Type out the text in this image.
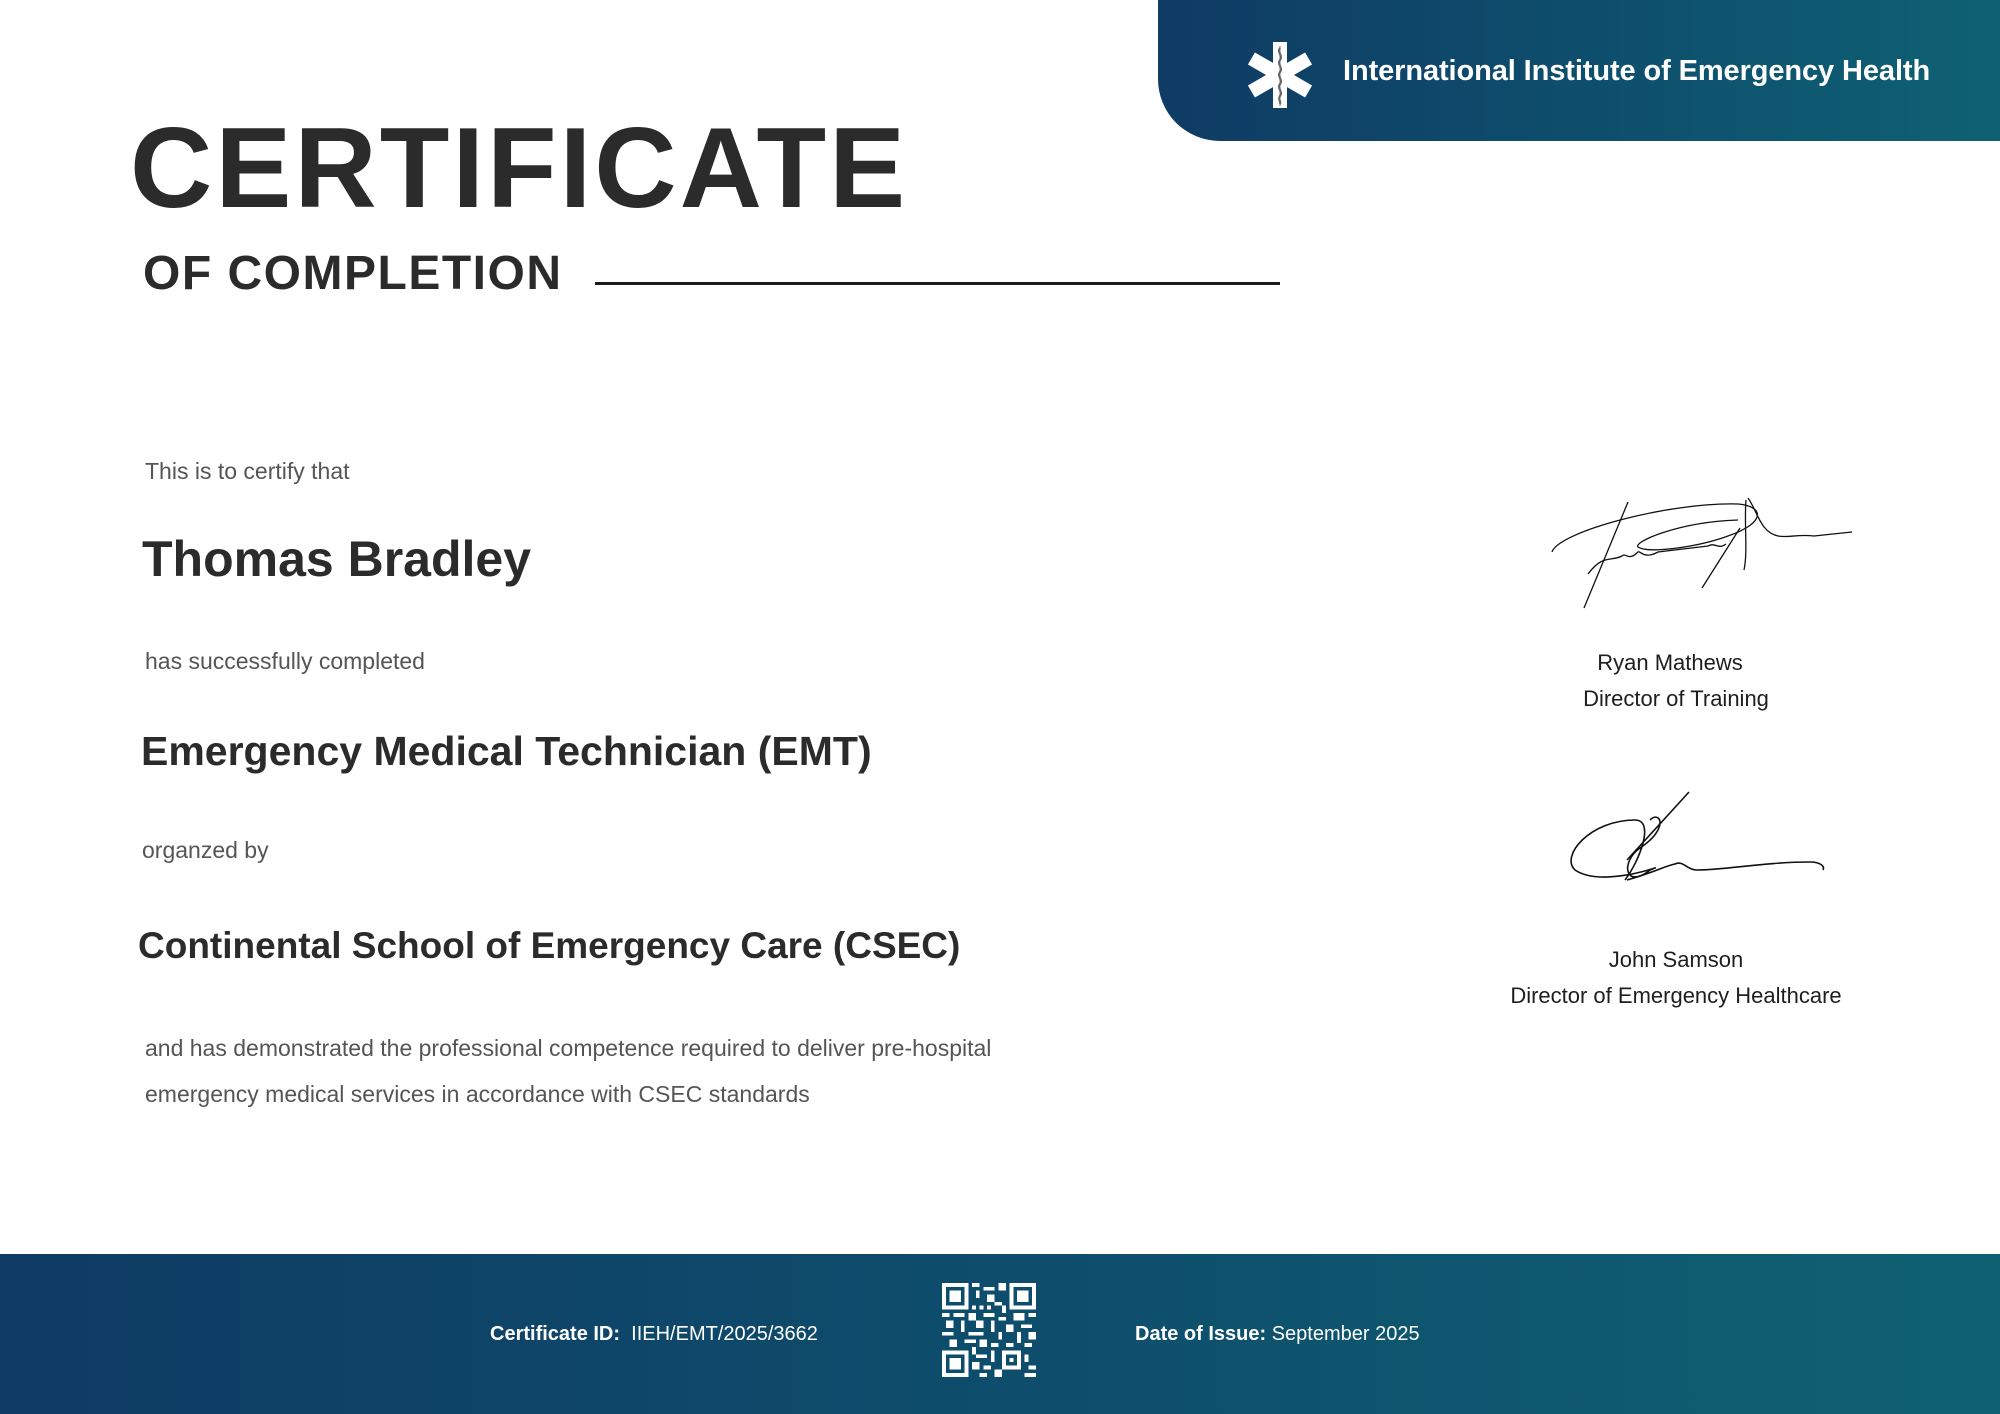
International Institute of Emergency Health
CERTIFICATE
OF COMPLETION
This is to certify that
Thomas Bradley
has successfully completed
Emergency Medical Technician (EMT)
organzed by
Continental School of Emergency Care (CSEC)
and has demonstrated the professional competence required to deliver pre-hospital
emergency medical services in accordance with CSEC standards
Ryan Mathews
Director of Training
John Samson
Director of Emergency Healthcare
Certificate ID: IIEH/EMT/2025/3662	Date of Issue: September 2025
